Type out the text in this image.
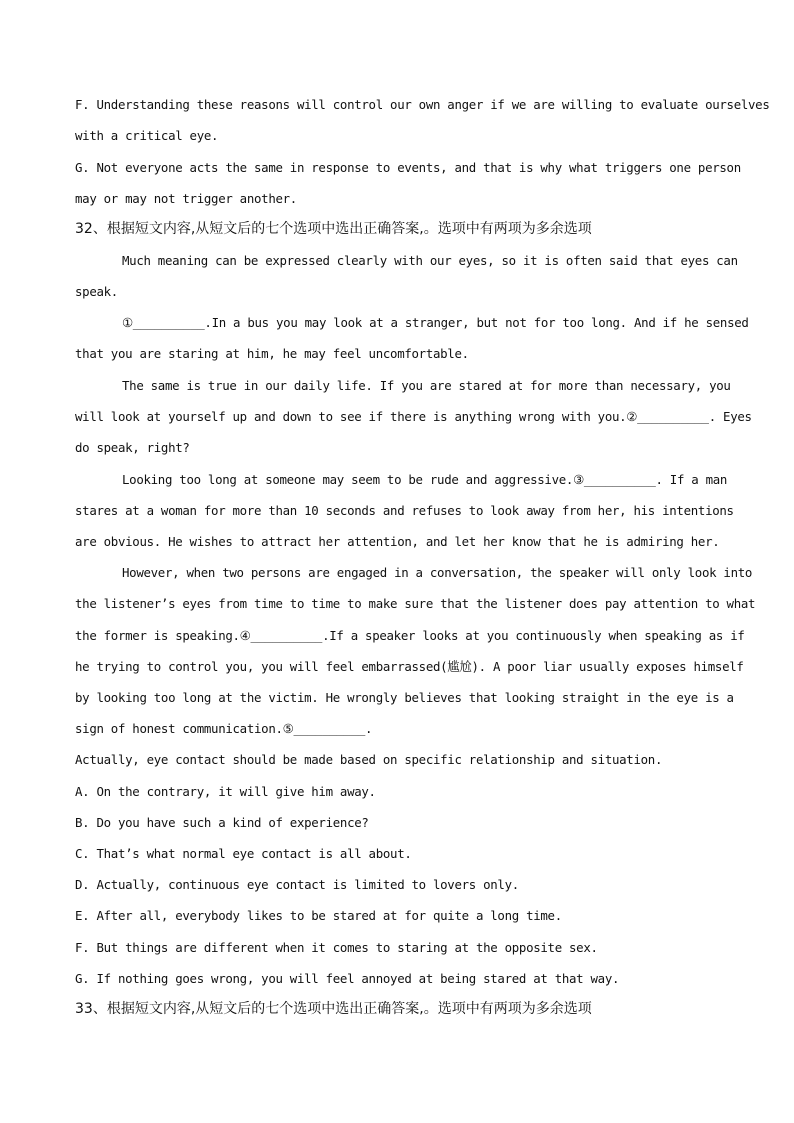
F. Understanding these reasons will control our own anger if we are willing to evaluate ourselves
with a critical eye.
G. Not everyone acts the same in response to events, and that is why what triggers one person
may or may not trigger another.
32、根据短文内容,从短文后的七个选项中选出正确答案,。选项中有两项为多余选项
Much meaning can be expressed clearly with our eyes, so it is often said that eyes can
speak.
①__________.In a bus you may look at a stranger, but not for too long. And if he sensed
that you are staring at him, he may feel uncomfortable.
The same is true in our daily life. If you are stared at for more than necessary, you
will look at yourself up and down to see if there is anything wrong with you.②__________. Eyes
do speak, right?
Looking too long at someone may seem to be rude and aggressive.③__________. If a man
stares at a woman for more than 10 seconds and refuses to look away from her, his intentions
are obvious. He wishes to attract her attention, and let her know that he is admiring her.
However, when two persons are engaged in a conversation, the speaker will only look into
the listener’s eyes from time to time to make sure that the listener does pay attention to what
the former is speaking.④__________.If a speaker looks at you continuously when speaking as if
he trying to control you, you will feel embarrassed(尴尬). A poor liar usually exposes himself
by looking too long at the victim. He wrongly believes that looking straight in the eye is a
sign of honest communication.⑤__________.
Actually, eye contact should be made based on specific relationship and situation.
A. On the contrary, it will give him away.
B. Do you have such a kind of experience?
C. That’s what normal eye contact is all about.
D. Actually, continuous eye contact is limited to lovers only.
E. After all, everybody likes to be stared at for quite a long time.
F. But things are different when it comes to staring at the opposite sex.
G. If nothing goes wrong, you will feel annoyed at being stared at that way.
33、根据短文内容,从短文后的七个选项中选出正确答案,。选项中有两项为多余选项
